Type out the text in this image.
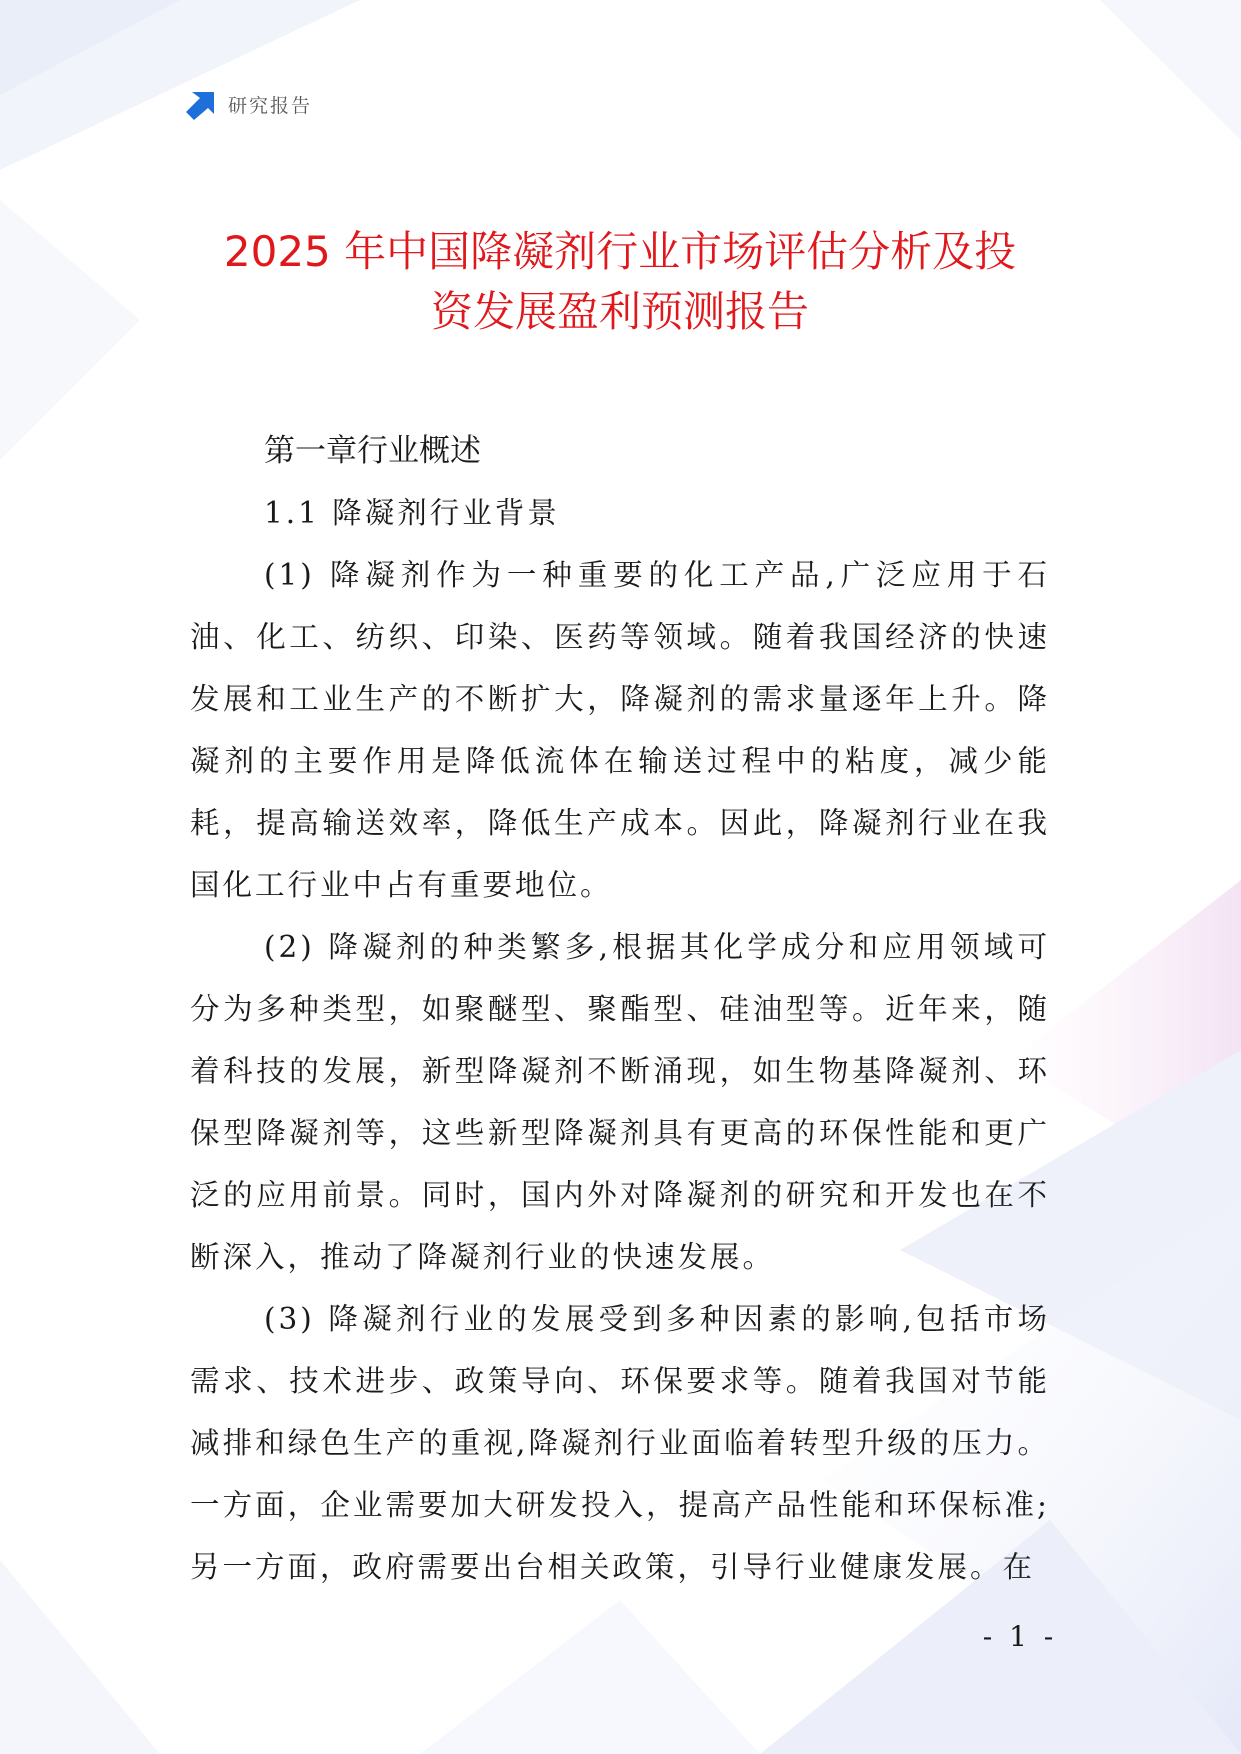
研究报告
2025 年中国降凝剂行业市场评估分析及投
资发展盈利预测报告

第一章行业概述

1.1 降凝剂行业背景

(1) 降凝剂作为一种重要的化工产品,广泛应用于石油、化工、纺织、印染、医药等领域。随着我国经济的快速发展和工业生产的不断扩大，降凝剂的需求量逐年上升。降凝剂的主要作用是降低流体在输送过程中的粘度，减少能耗，提高输送效率，降低生产成本。因此，降凝剂行业在我国化工行业中占有重要地位。

(2) 降凝剂的种类繁多,根据其化学成分和应用领域可分为多种类型，如聚醚型、聚酯型、硅油型等。近年来，随着科技的发展，新型降凝剂不断涌现，如生物基降凝剂、环保型降凝剂等，这些新型降凝剂具有更高的环保性能和更广泛的应用前景。同时，国内外对降凝剂的研究和开发也在不断深入，推动了降凝剂行业的快速发展。

(3) 降凝剂行业的发展受到多种因素的影响,包括市场需求、技术进步、政策导向、环保要求等。随着我国对节能减排和绿色生产的重视,降凝剂行业面临着转型升级的压力。一方面，企业需要加大研发投入，提高产品性能和环保标准;另一方面，政府需要出台相关政策，引导行业健康发展。在

- 1 -
